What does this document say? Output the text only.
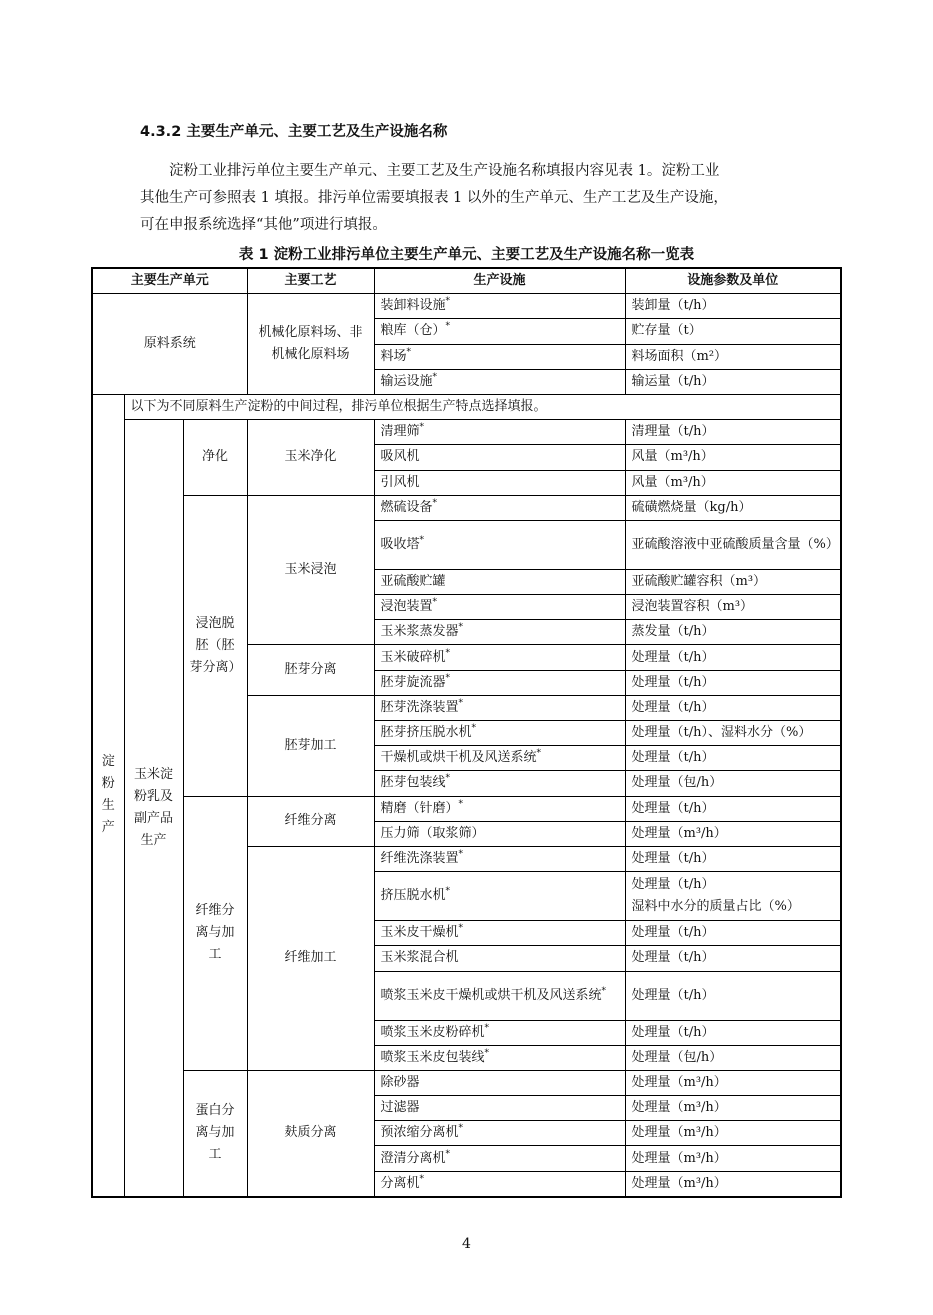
4.3.2 主要生产单元、主要工艺及生产设施名称

淀粉工业排污单位主要生产单元、主要工艺及生产设施名称填报内容见表 1。淀粉工业

其他生产可参照表 1 填报。排污单位需要填报表 1 以外的生产单元、生产工艺及生产设施，

可在申报系统选择“其他”项进行填报。

表 1 淀粉工业排污单位主要生产单元、主要工艺及生产设施名称一览表
主要生产单元			主要工艺	生产设施	设施参数及单位
原料系统			机械化原料场、非机械化原料场	装卸料设施*	装卸量（t/h）
				粮库（仓）*	贮存量（t）
				料场*	料场面积（m²）
				输运设施*	输运量（t/h）
淀粉生产	以下为不同原料生产淀粉的中间过程，排污单位根据生产特点选择填报。				
	玉米淀粉乳及副产品生产	净化	玉米净化	清理筛*	清理量（t/h）
				吸风机	风量（m³/h）
				引风机	风量（m³/h）
		浸泡脱胚（胚芽分离）	玉米浸泡	燃硫设备*	硫磺燃烧量（kg/h）
				吸收塔*	亚硫酸溶液中亚硫酸质量含量（%）
				亚硫酸贮罐	亚硫酸贮罐容积（m³）
				浸泡装置*	浸泡装置容积（m³）
				玉米浆蒸发器*	蒸发量（t/h）
			胚芽分离	玉米破碎机*	处理量（t/h）
				胚芽旋流器*	处理量（t/h）
			胚芽加工	胚芽洗涤装置*	处理量（t/h）
				胚芽挤压脱水机*	处理量（t/h）、湿料水分（%）
				干燥机或烘干机及风送系统*	处理量（t/h）
				胚芽包装线*	处理量（包/h）
		纤维分离与加工	纤维分离	精磨（针磨）*	处理量（t/h）
				压力筛（取浆筛）	处理量（m³/h）
			纤维加工	纤维洗涤装置*	处理量（t/h）
				挤压脱水机*	处理量（t/h）
湿料中水分的质量占比（%）

				玉米皮干燥机*	处理量（t/h）
				玉米浆混合机	处理量（t/h）
				喷浆玉米皮干燥机或烘干机及风送系统*	处理量（t/h）
				喷浆玉米皮粉碎机*	处理量（t/h）
				喷浆玉米皮包装线*	处理量（包/h）
		蛋白分离与加工	麸质分离	除砂器	处理量（m³/h）
				过滤器	处理量（m³/h）
				预浓缩分离机*	处理量（m³/h）
				澄清分离机*	处理量（m³/h）
				分离机*	处理量（m³/h）
4
